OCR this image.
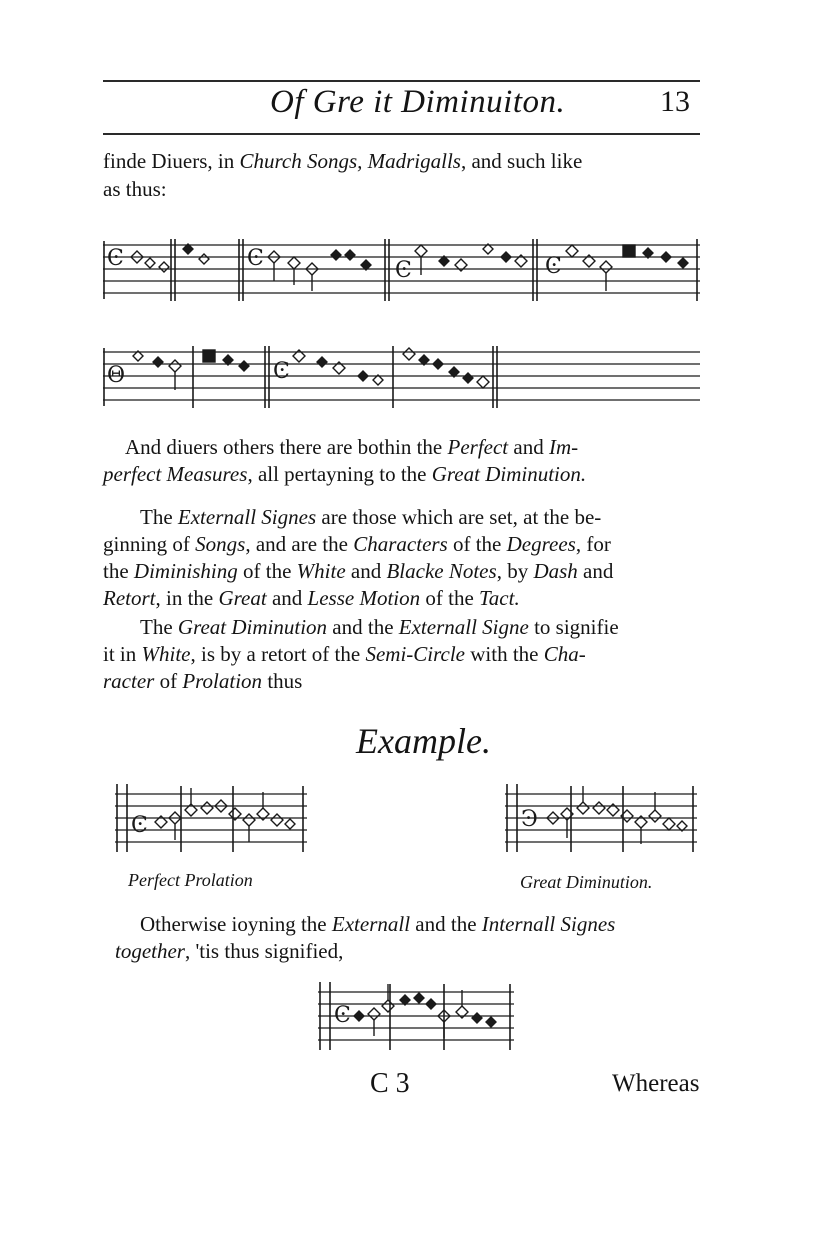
Of Gre it Diminuiton.	13
finde Diuers, in Church Songs, Madrigalls, and such like
as thus:
Ͼ	Ͼ	Ͼ	Ͼ
Θ	Ͼ
And diuers others there are bothin the Perfect and Im-
perfect Measures, all pertayning to the Great Diminution.
The Externall Signes are those which are set, at the be-
ginning of Songs, and are the Characters of the Degrees, for
the Diminishing of the White and Blacke Notes, by Dash and
Retort, in the Great and Lesse Motion of the Tact.
The Great Diminution and the Externall Signe to signifie
it in White, is by a retort of the Semi-Circle with the Cha-
racter of Prolation thus
Example.
Ͼ
Perfect Prolation
Ͽ
Great Diminution.
Otherwise ioyning the Externall and the Internall Signes
together, 'tis thus signified,
Ͼ
C 3	Whereas
